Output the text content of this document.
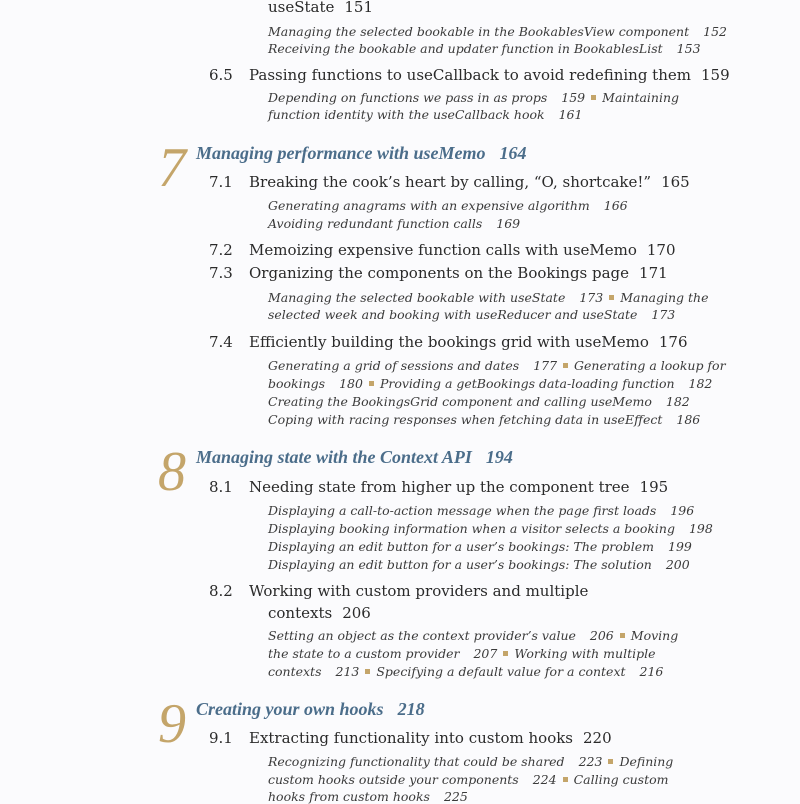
useState 151
Managing the selected bookable in the BookablesView component 152
Receiving the bookable and updater function in BookablesList 153
6.5 Passing functions to useCallback to avoid redefining them 159
Depending on functions we pass in as props 159 Maintaining
function identity with the useCallback hook 161
7 Managing performance with useMemo 164
7.1 Breaking the cook’s heart by calling, “O, shortcake!” 165
Generating anagrams with an expensive algorithm 166
Avoiding redundant function calls 169
7.2 Memoizing expensive function calls with useMemo 170
7.3 Organizing the components on the Bookings page 171
Managing the selected bookable with useState 173 Managing the
selected week and booking with useReducer and useState 173
7.4 Efficiently building the bookings grid with useMemo 176
Generating a grid of sessions and dates 177 Generating a lookup for
bookings 180 Providing a getBookings data-loading function 182
Creating the BookingsGrid component and calling useMemo 182
Coping with racing responses when fetching data in useEffect 186
8 Managing state with the Context API 194
8.1 Needing state from higher up the component tree 195
Displaying a call-to-action message when the page first loads 196
Displaying booking information when a visitor selects a booking 198
Displaying an edit button for a user’s bookings: The problem 199
Displaying an edit button for a user’s bookings: The solution 200
8.2 Working with custom providers and multiple
contexts 206
Setting an object as the context provider’s value 206 Moving
the state to a custom provider 207 Working with multiple
contexts 213 Specifying a default value for a context 216
9 Creating your own hooks 218
9.1 Extracting functionality into custom hooks 220
Recognizing functionality that could be shared 223 Defining
custom hooks outside your components 224 Calling custom
hooks from custom hooks 225
